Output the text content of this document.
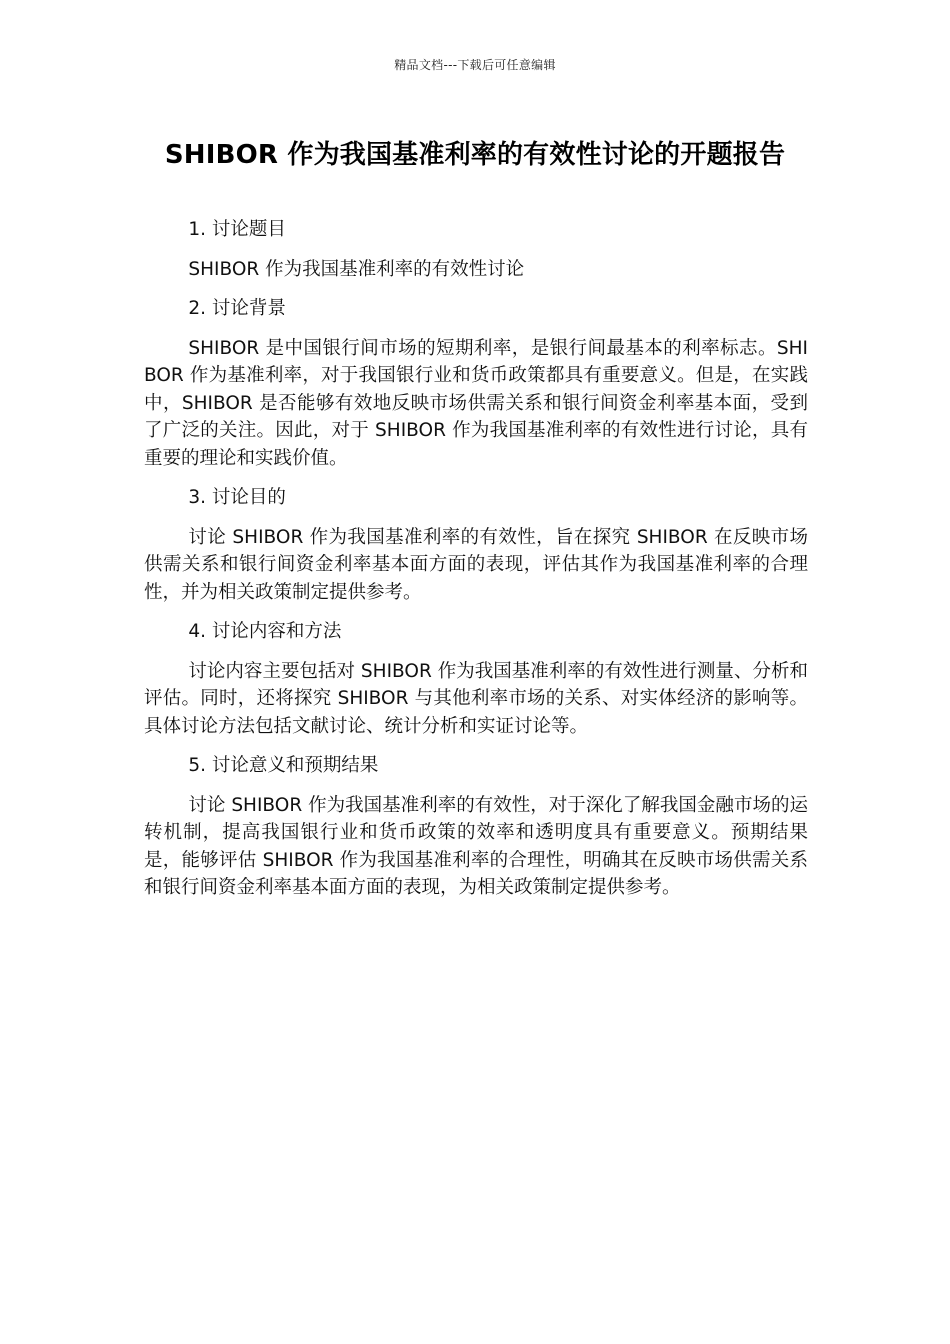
精品文档---下载后可任意编辑
SHIBOR 作为我国基准利率的有效性讨论的开题报告
1. 讨论题目

SHIBOR 作为我国基准利率的有效性讨论

2. 讨论背景

SHIBOR 是中国银行间市场的短期利率，是银行间最基本的利率标志。SHIBOR 作为基准利率，对于我国银行业和货币政策都具有重要意义。但是，在实践中，SHIBOR 是否能够有效地反映市场供需关系和银行间资金利率基本面，受到了广泛的关注。因此，对于 SHIBOR 作为我国基准利率的有效性进行讨论，具有重要的理论和实践价值。

3. 讨论目的

讨论 SHIBOR 作为我国基准利率的有效性，旨在探究 SHIBOR 在反映市场供需关系和银行间资金利率基本面方面的表现，评估其作为我国基准利率的合理性，并为相关政策制定提供参考。

4. 讨论内容和方法

讨论内容主要包括对 SHIBOR 作为我国基准利率的有效性进行测量、分析和评估。同时，还将探究 SHIBOR 与其他利率市场的关系、对实体经济的影响等。具体讨论方法包括文献讨论、统计分析和实证讨论等。

5. 讨论意义和预期结果

讨论 SHIBOR 作为我国基准利率的有效性，对于深化了解我国金融市场的运转机制，提高我国银行业和货币政策的效率和透明度具有重要意义。预期结果是，能够评估 SHIBOR 作为我国基准利率的合理性，明确其在反映市场供需关系和银行间资金利率基本面方面的表现，为相关政策制定提供参考。
